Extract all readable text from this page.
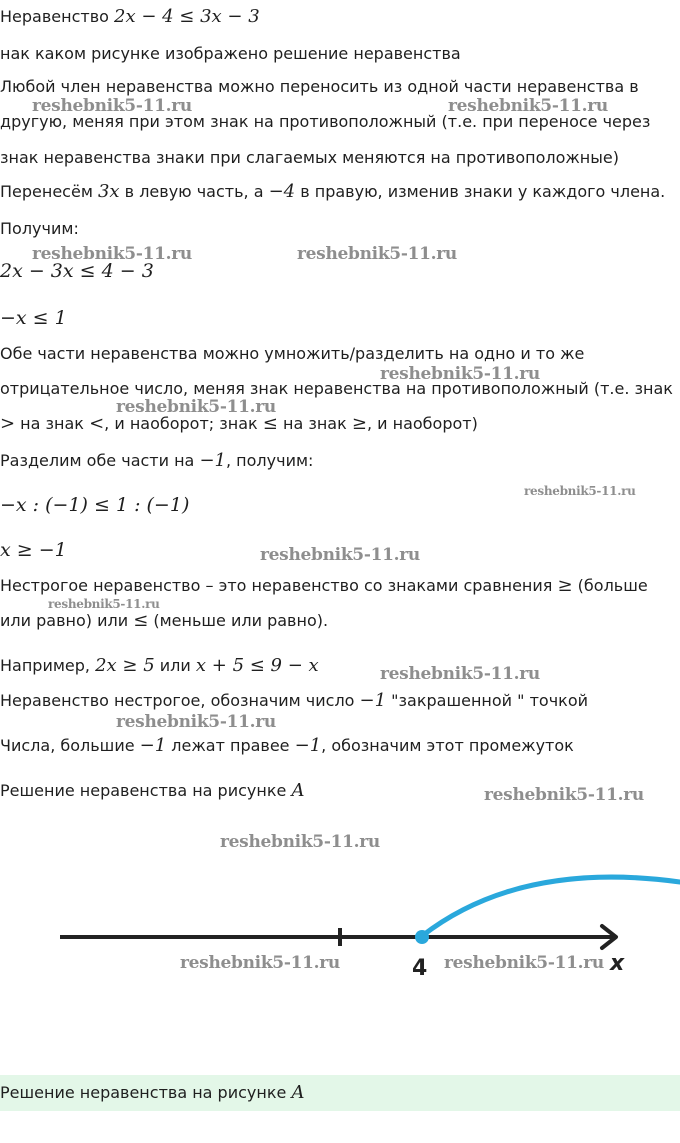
Неравенство 2x − 4 ≤ 3x − 3
нак каком рисунке изображено решение неравенства
Любой член неравенства можно переносить из одной части неравенства в
другую, меняя при этом знак на противоположный (т.е. при переносе через
знак неравенства знаки при слагаемых меняются на противоположные)
Перенесём 3x в левую часть, а −4 в правую, изменив знаки у каждого члена.
Получим:
2x − 3x ≤ 4 − 3
−x ≤ 1
Обе части неравенства можно умножить/разделить на одно и то же
отрицательное число, меняя знак неравенства на противоположный (т.е. знак
> на знак <, и наоборот; знак ≤ на знак ≥, и наоборот)
Разделим обе части на −1, получим:
−x : (−1) ≤ 1 : (−1)
x ≥ −1
Нестрогое неравенство – это неравенство со знаками сравнения ≥ (больше
или равно) или ≤ (меньше или равно).
Например, 2x ≥ 5 или x + 5 ≤ 9 − x
Неравенство нестрогое, обозначим число −1 "закрашенной " точкой
Числа, большие −1 лежат правее −1, обозначим этот промежуток
Решение неравенства на рисунке A
4	x
Решение неравенства на рисунке A
reshebnik5-11.ru	reshebnik5-11.ru
reshebnik5-11.ru	reshebnik5-11.ru
reshebnik5-11.ru
reshebnik5-11.ru
reshebnik5-11.ru
reshebnik5-11.ru
reshebnik5-11.ru
reshebnik5-11.ru
reshebnik5-11.ru
reshebnik5-11.ru
reshebnik5-11.ru
reshebnik5-11.ru	reshebnik5-11.ru
